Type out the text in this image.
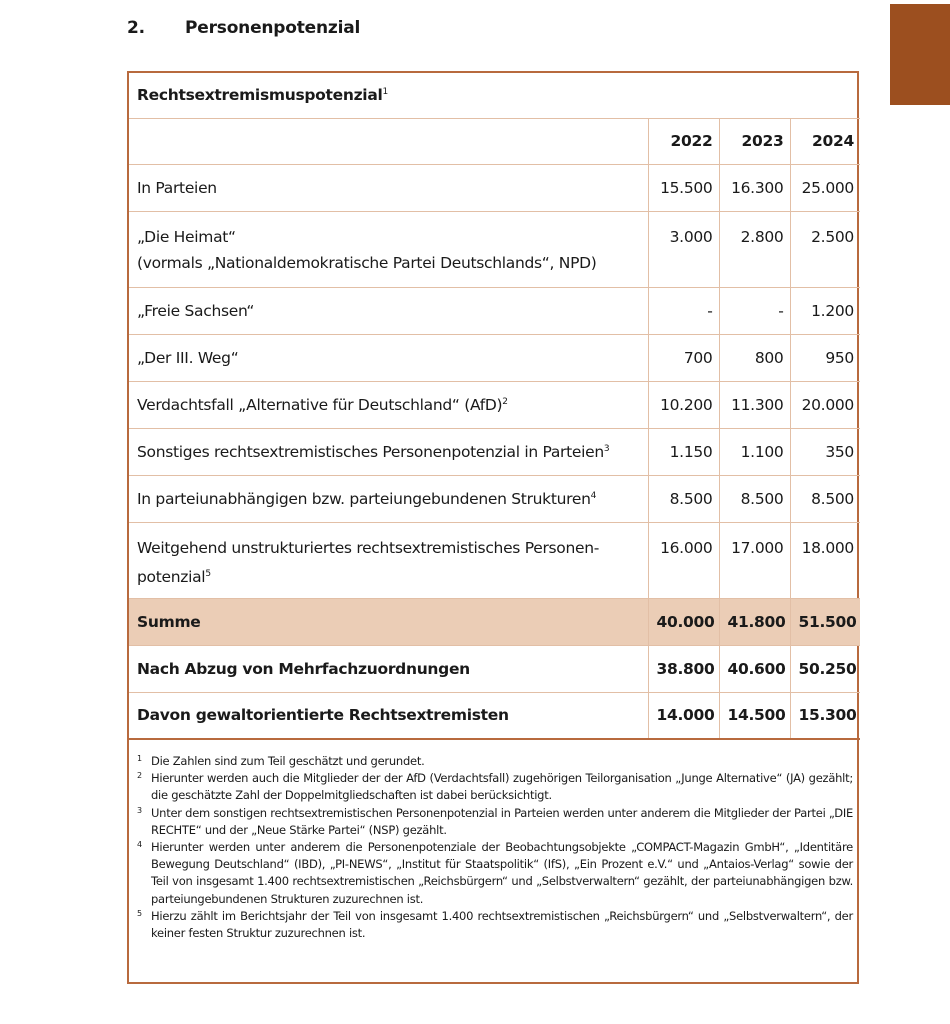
2. Personenpotenzial
Rechtsextremismuspotenzial$^1$
	2022	2023	2024
In Parteien	15.500	16.300	25.000
„Die Heimat“
(vormals „Nationaldemokratische Partei Deutschlands“, NPD)	3.000	2.800	2.500
„Freie Sachsen“	-	-	1.200
„Der III. Weg“	700	800	950
Verdachtsfall „Alternative für Deutschland“ (AfD)$^2$	10.200	11.300	20.000
Sonstiges rechtsextremistisches Personenpotenzial in Parteien$^3$	1.150	1.100	350
In parteiunabhängigen bzw. parteiungebundenen Strukturen$^4$	8.500	8.500	8.500
Weitgehend unstrukturiertes rechtsextremistisches Personen-
potenzial$^5$	16.000	17.000	18.000
Summe	40.000	41.800	51.500
Nach Abzug von Mehrfachzuordnungen	38.800	40.600	50.250
Davon gewaltorientierte Rechtsextremisten	14.000	14.500	15.300
1 Die Zahlen sind zum Teil geschätzt und gerundet.
2 Hierunter werden auch die Mitglieder der der AfD (Verdachtsfall) zugehörigen Teilorganisation „Junge Alternative“ (JA) gezählt; die geschätzte Zahl der Doppelmitgliedschaften ist dabei berücksichtigt.
3 Unter dem sonstigen rechtsextremistischen Personenpotenzial in Parteien werden unter anderem die Mitglieder der Partei „DIE RECHTE“ und der „Neue Stärke Partei“ (NSP) gezählt.
4 Hierunter werden unter anderem die Personenpotenziale der Beobachtungsobjekte „COMPACT-Magazin GmbH“, „Identitäre Bewegung Deutschland“ (IBD), „PI-NEWS“, „Institut für Staatspolitik“ (IfS), „Ein Prozent e.V.“ und „Antaios-Verlag“ sowie der Teil von insgesamt 1.400 rechtsextremistischen „Reichsbürgern“ und „Selbstverwaltern“ gezählt, der parteiunabhängigen bzw. parteiungebundenen Strukturen zuzurechnen ist.
5 Hierzu zählt im Berichtsjahr der Teil von insgesamt 1.400 rechtsextremistischen „Reichsbürgern“ und „Selbstverwaltern“, der keiner festen Struktur zuzurechnen ist.
